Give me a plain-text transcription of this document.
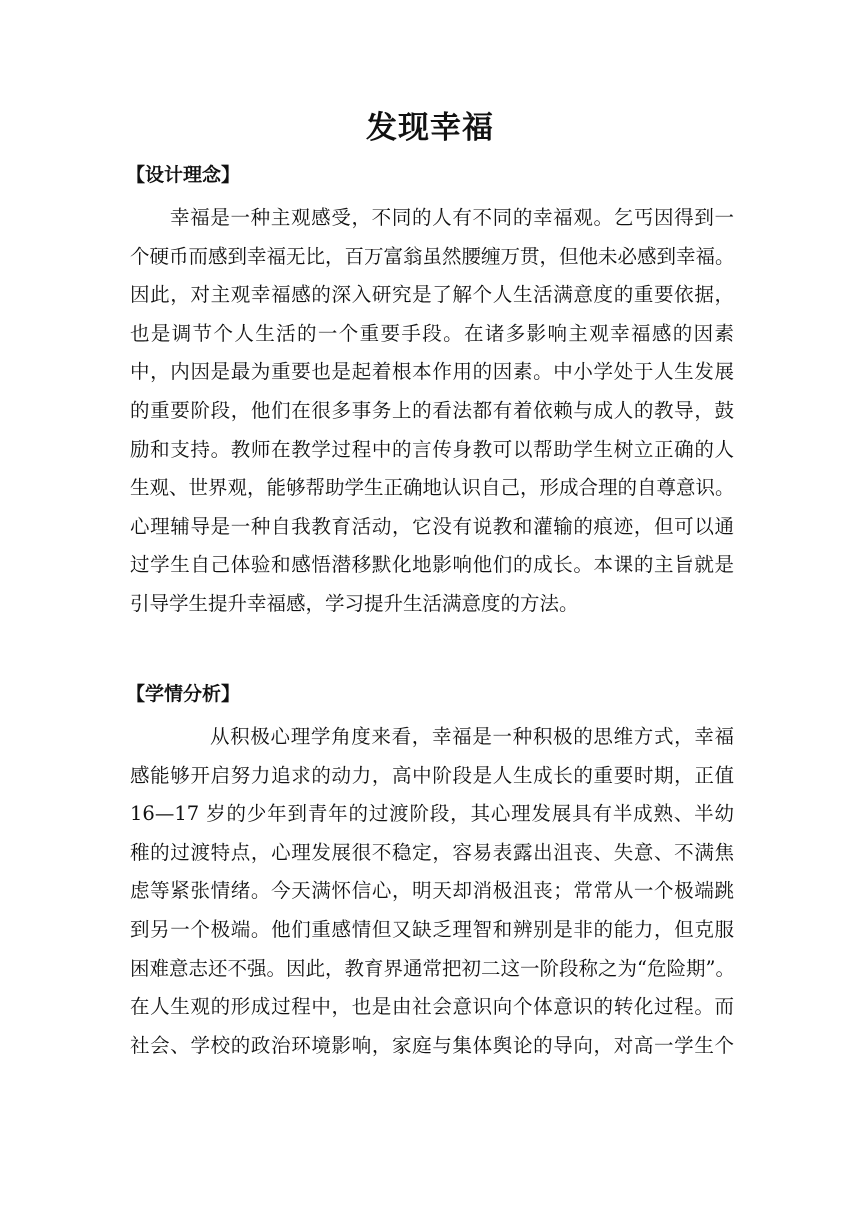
发现幸福
【设计理念】
幸福是一种主观感受，不同的人有不同的幸福观。乞丐因得到一
个硬币而感到幸福无比，百万富翁虽然腰缠万贯，但他未必感到幸福。
因此，对主观幸福感的深入研究是了解个人生活满意度的重要依据，
也是调节个人生活的一个重要手段。在诸多影响主观幸福感的因素
中，内因是最为重要也是起着根本作用的因素。中小学处于人生发展
的重要阶段，他们在很多事务上的看法都有着依赖与成人的教导，鼓
励和支持。教师在教学过程中的言传身教可以帮助学生树立正确的人
生观、世界观，能够帮助学生正确地认识自己，形成合理的自尊意识。
心理辅导是一种自我教育活动，它没有说教和灌输的痕迹，但可以通
过学生自己体验和感悟潜移默化地影响他们的成长。本课的主旨就是
引导学生提升幸福感，学习提升生活满意度的方法。
【学情分析】
从积极心理学角度来看，幸福是一种积极的思维方式，幸福
感能够开启努力追求的动力，高中阶段是人生成长的重要时期，正值
16—17 岁的少年到青年的过渡阶段，其心理发展具有半成熟、半幼
稚的过渡特点，心理发展很不稳定，容易表露出沮丧、失意、不满焦
虑等紧张情绪。今天满怀信心，明天却消极沮丧；常常从一个极端跳
到另一个极端。他们重感情但又缺乏理智和辨别是非的能力，但克服
困难意志还不强。因此，教育界通常把初二这一阶段称之为“危险期”。
在人生观的形成过程中，也是由社会意识向个体意识的转化过程。而
社会、学校的政治环境影响，家庭与集体舆论的导向，对高一学生个
